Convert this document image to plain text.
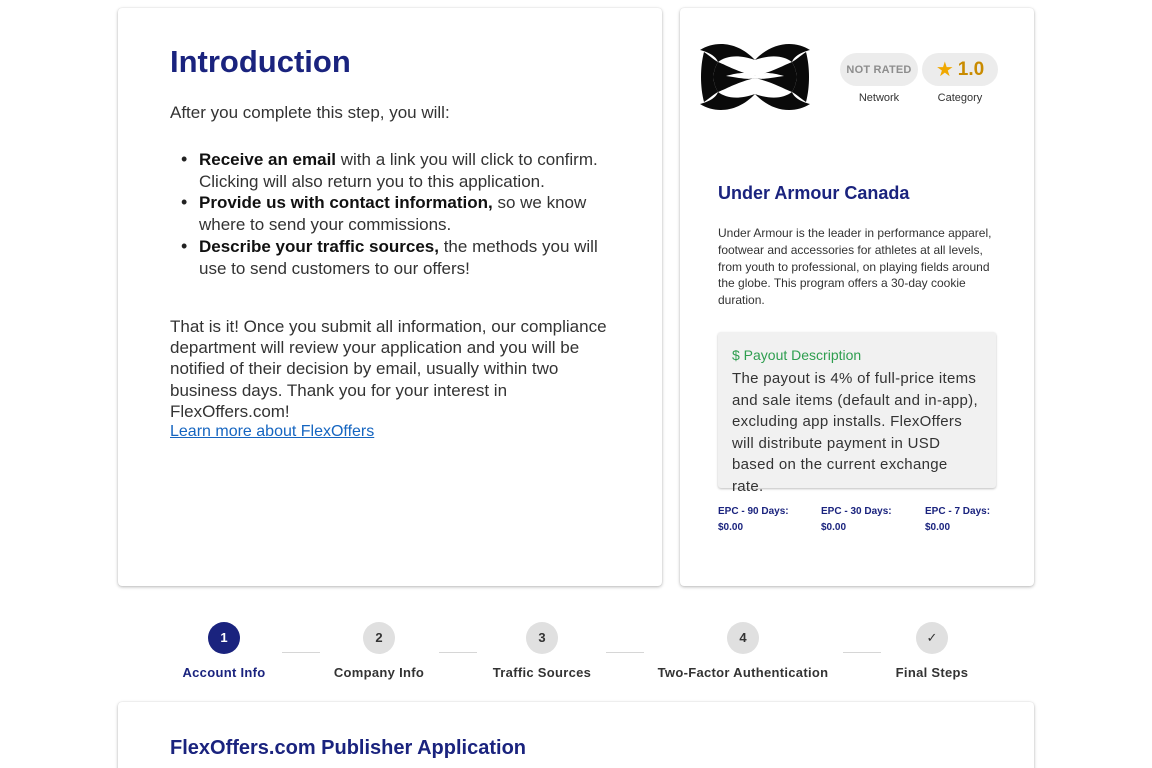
Introduction
After you complete this step, you will:
• Receive an email with a link you will click to confirm. Clicking will also return you to this application.
• Provide us with contact information, so we know where to send your commissions.
• Describe your traffic sources, the methods you will use to send customers to our offers!
That is it! Once you submit all information, our compliance department will review your application and you will be notified of their decision by email, usually within two business days. Thank you for your interest in FlexOffers.com!
Learn more about FlexOffers
NOT RATED ★ 1.0
Network	Category
Under Armour Canada
Under Armour is the leader in performance apparel, footwear and accessories for athletes at all levels, from youth to professional, on playing fields around the globe. This program offers a 30-day cookie duration.
$ Payout Description
The payout is 4% of full-price items and sale items (default and in-app), excluding app installs. FlexOffers will distribute payment in USD based on the current exchange rate.
EPC - 90 Days:
$0.00
EPC - 30 Days:
$0.00
EPC - 7 Days:
$0.00
1
Account Info
2
Company Info
3
Traffic Sources
4
Two-Factor Authentication
✓
Final Steps
FlexOffers.com Publisher Application
